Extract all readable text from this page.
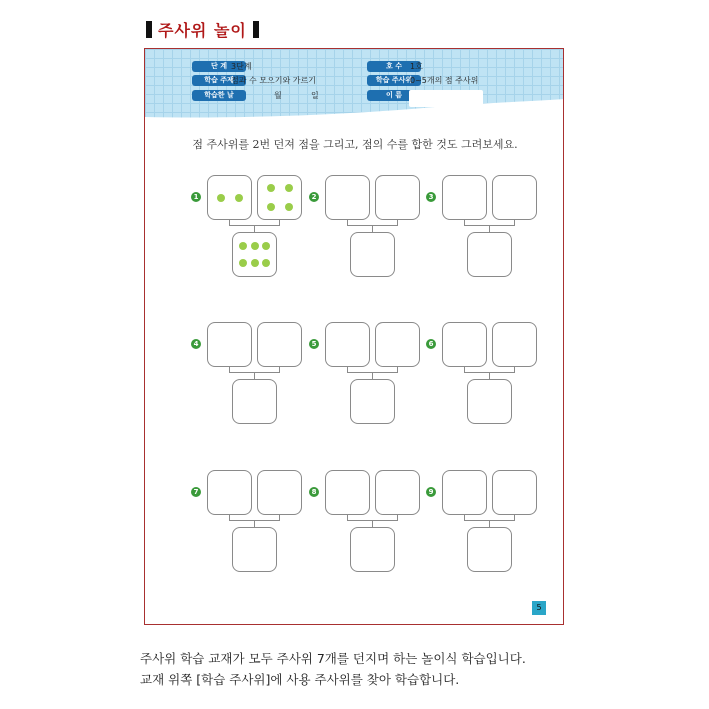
주사위 놀이
단 계 3단계
학습 주제
점과 수 모으기와 가르기
학습한 날	월	일
호 수	1호
학습 주사위
0~5개의 점 주사위
이 름
점 주사위를 2번 던져 점을 그리고, 점의 수를 합한 것도 그려보세요.
1	2	3
4	5	6
7	8	9
5
주사위 학습 교재가 모두 주사위 7개를 던지며 하는 놀이식 학습입니다.
교재 위쪽 [학습 주사위]에 사용 주사위를 찾아 학습합니다.
